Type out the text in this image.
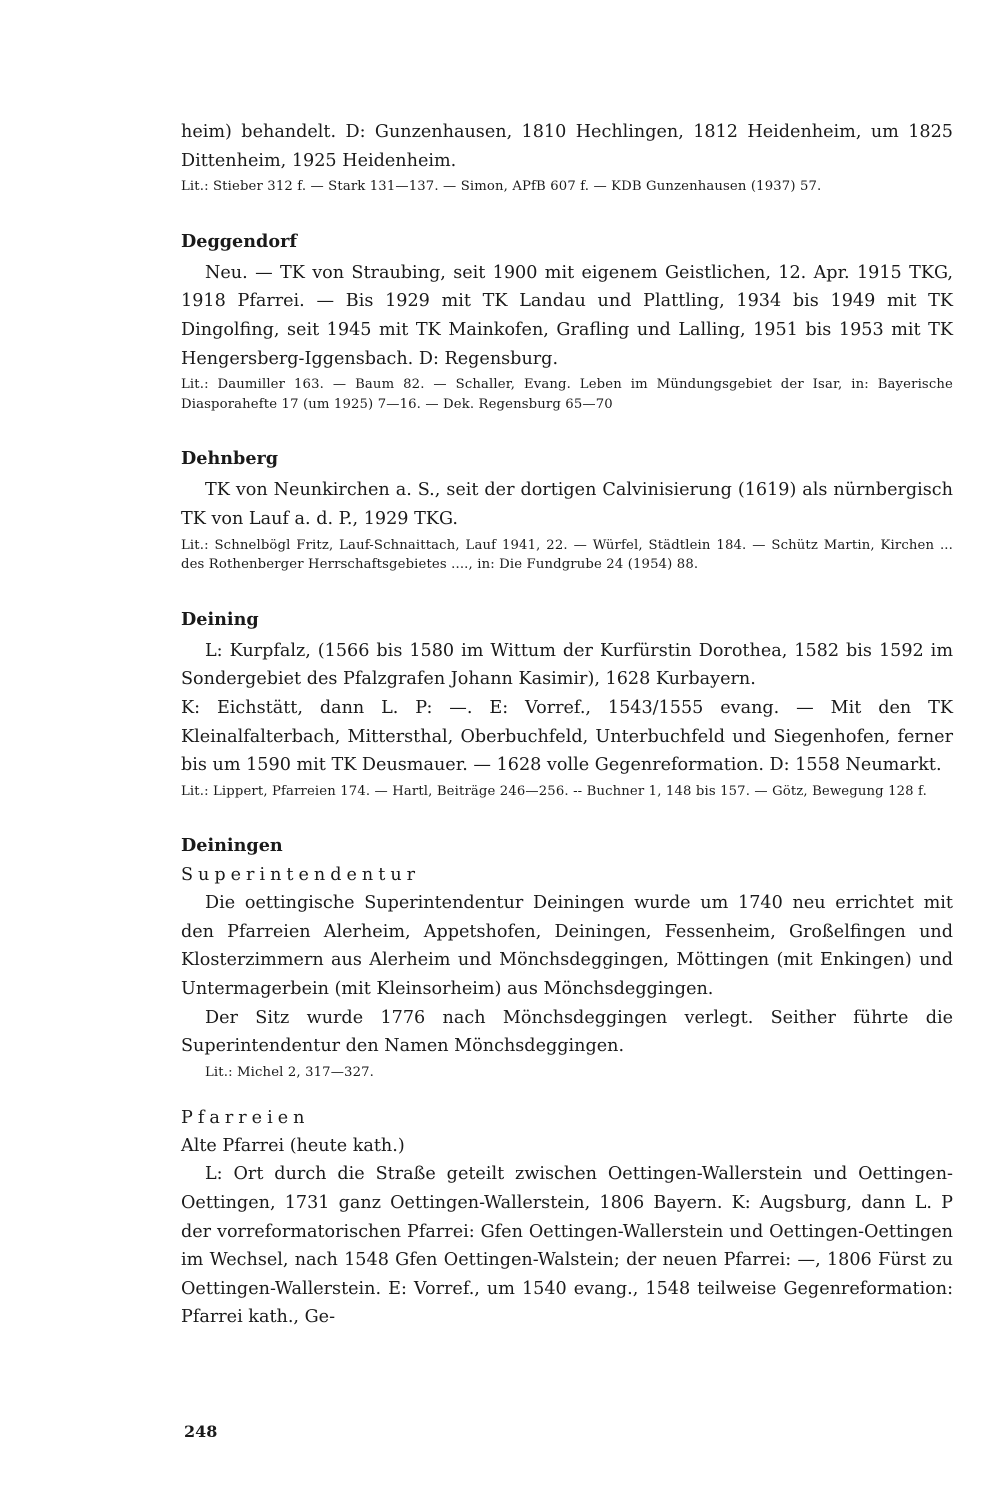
heim) behandelt. D: Gunzenhausen, 1810 Hechlingen, 1812 Heidenheim, um 1825 Dittenheim, 1925 Heidenheim.

Lit.: Stieber 312 f. — Stark 131—137. — Simon, APfB 607 f. — KDB Gunzenhausen (1937) 57.

Deggendorf

Neu. — TK von Straubing, seit 1900 mit eigenem Geistlichen, 12. Apr. 1915 TKG, 1918 Pfarrei. — Bis 1929 mit TK Landau und Plattling, 1934 bis 1949 mit TK Dingolfing, seit 1945 mit TK Mainkofen, Grafling und Lalling, 1951 bis 1953 mit TK Hengersberg-Iggensbach. D: Regensburg.

Lit.: Daumiller 163. — Baum 82. — Schaller, Evang. Leben im Mündungsgebiet der Isar, in: Bayerische Diasporahefte 17 (um 1925) 7—16. — Dek. Regensburg 65—70

Dehnberg

TK von Neunkirchen a. S., seit der dortigen Calvinisierung (1619) als nürnbergisch TK von Lauf a. d. P., 1929 TKG.

Lit.: Schnelbögl Fritz, Lauf-Schnaittach, Lauf 1941, 22. — Würfel, Städtlein 184. — Schütz Martin, Kirchen ... des Rothenberger Herrschaftsgebietes ...., in: Die Fundgrube 24 (1954) 88.

Deining

L: Kurpfalz, (1566 bis 1580 im Wittum der Kurfürstin Dorothea, 1582 bis 1592 im Sondergebiet des Pfalzgrafen Johann Kasimir), 1628 Kurbayern.
K: Eichstätt, dann L. P: —. E: Vorref., 1543/1555 evang. — Mit den TK Kleinalfalterbach, Mittersthal, Oberbuchfeld, Unterbuchfeld und Siegenhofen, ferner bis um 1590 mit TK Deusmauer. — 1628 volle Gegenreformation. D: 1558 Neumarkt.

Lit.: Lippert, Pfarreien 174. — Hartl, Beiträge 246—256. -- Buchner 1, 148 bis 157. — Götz, Bewegung 128 f.

Deiningen
Superintendentur

Die oettingische Superintendentur Deiningen wurde um 1740 neu errichtet mit den Pfarreien Alerheim, Appetshofen, Deiningen, Fessenheim, Großelfingen und Klosterzimmern aus Alerheim und Mönchsdeggingen, Möttingen (mit Enkingen) und Untermagerbein (mit Kleinsorheim) aus Mönchsdeggingen.

Der Sitz wurde 1776 nach Mönchsdeggingen verlegt. Seither führte die Superintendentur den Namen Mönchsdeggingen.

Lit.: Michel 2, 317—327.

Pfarreien
Alte Pfarrei (heute kath.)

L: Ort durch die Straße geteilt zwischen Oettingen-Wallerstein und Oettingen-Oettingen, 1731 ganz Oettingen-Wallerstein, 1806 Bayern. K: Augsburg, dann L. P der vorreformatorischen Pfarrei: Gfen Oettingen-Wallerstein und Oettingen-Oettingen im Wechsel, nach 1548 Gfen Oettingen-Walstein; der neuen Pfarrei: —, 1806 Fürst zu Oettingen-Wallerstein. E: Vorref., um 1540 evang., 1548 teilweise Gegenreformation: Pfarrei kath., Ge-

248
